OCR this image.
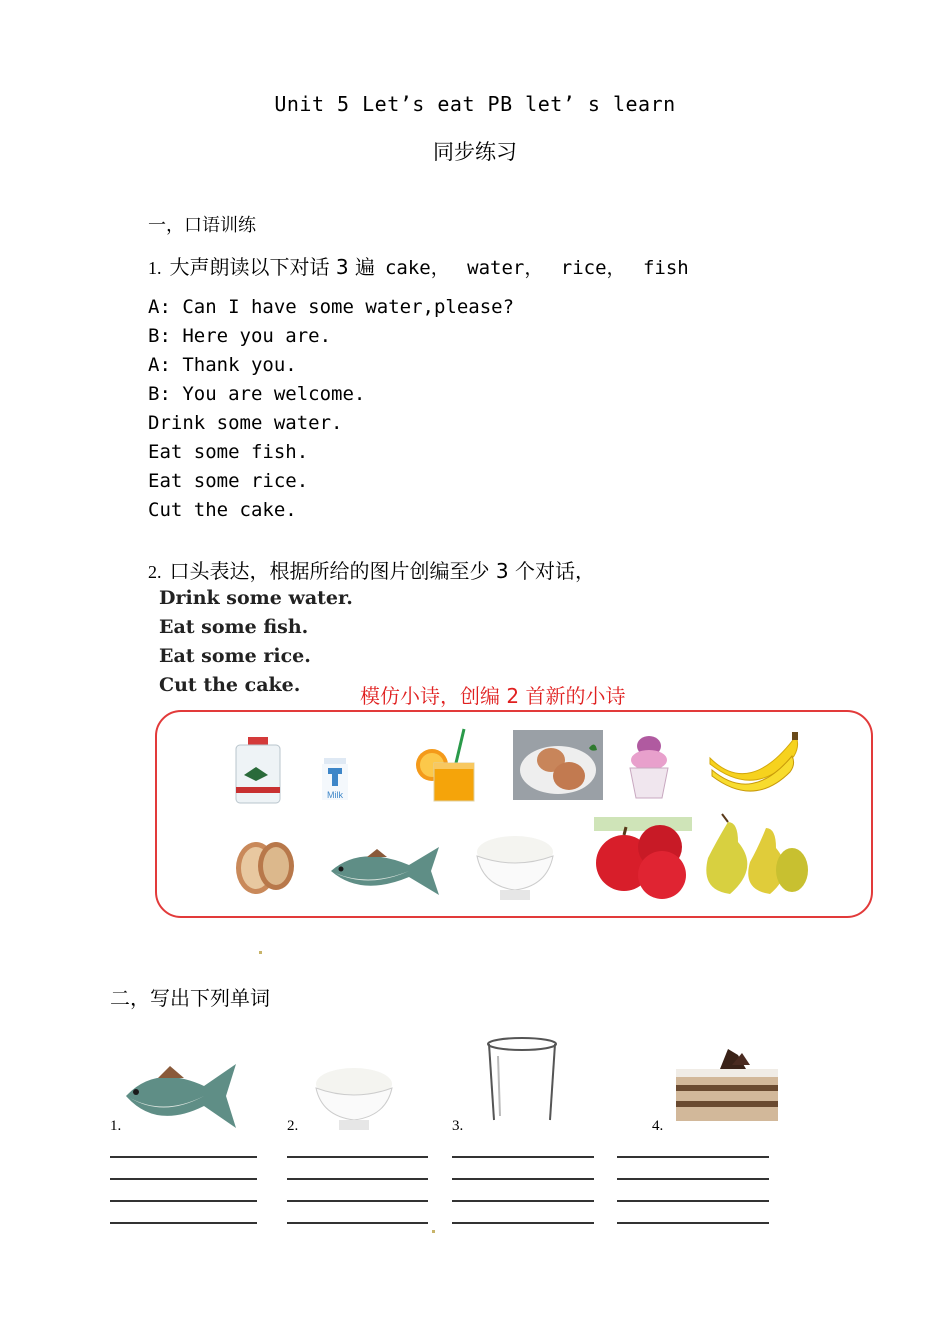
Unit 5 Let’s eat PB let’ s learn
同步练习
一，口语训练
1. 大声朗读以下对话 3 遍 cake， water， rice， fish
A: Can I have some water,please?
B: Here you are.
A: Thank you.
B: You are welcome.
Drink some water.
Eat some fish.
Eat some rice.
Cut the cake.
2. 口头表达，根据所给的图片创编至少 3 个对话，
Drink some water.
Eat some fish.
Eat some rice.
Cut the cake.	模仿小诗，创编 2 首新的小诗
Milk
二，写出下列单词
1.	2.	3.	4.
